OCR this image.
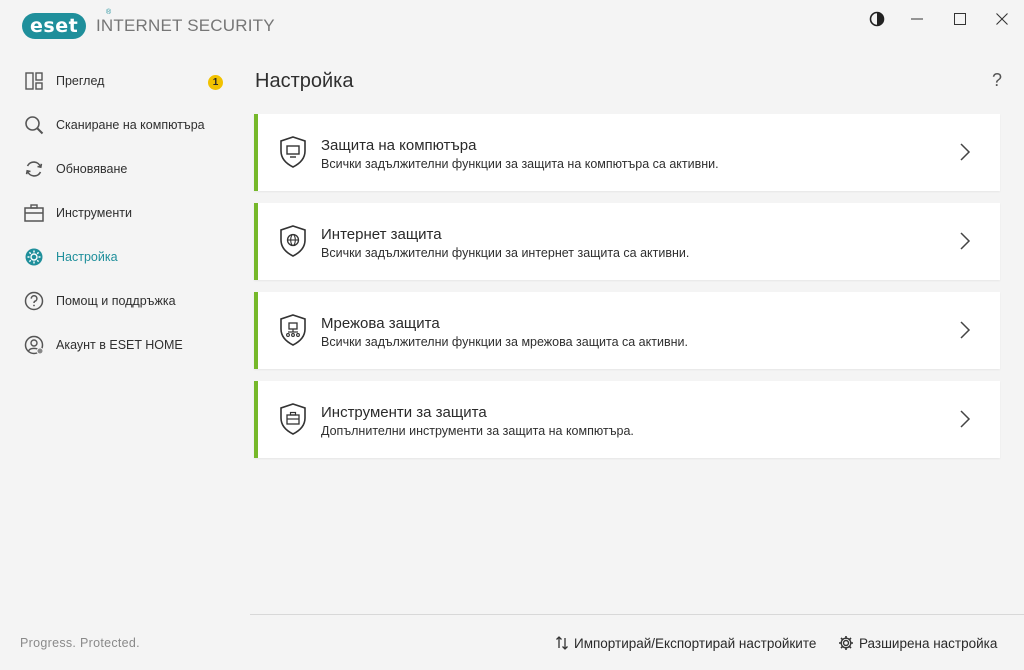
eset
®
INTERNET SECURITY
Преглед	1
Сканиране на компютъра
Обновяване
Инструменти
Настройка
Помощ и поддръжка
Акаунт в ESET HOME
Progress. Protected.
Настройка	?
Защита на компютъра
Всички задължителни функции за защита на компютъра са активни.
Интернет защита
Всички задължителни функции за интернет защита са активни.
Мрежова защита
Всички задължителни функции за мрежова защита са активни.
Инструменти за защита
Допълнителни инструменти за защита на компютъра.
Импортирай/Експортирай настройките	Разширена настройка
